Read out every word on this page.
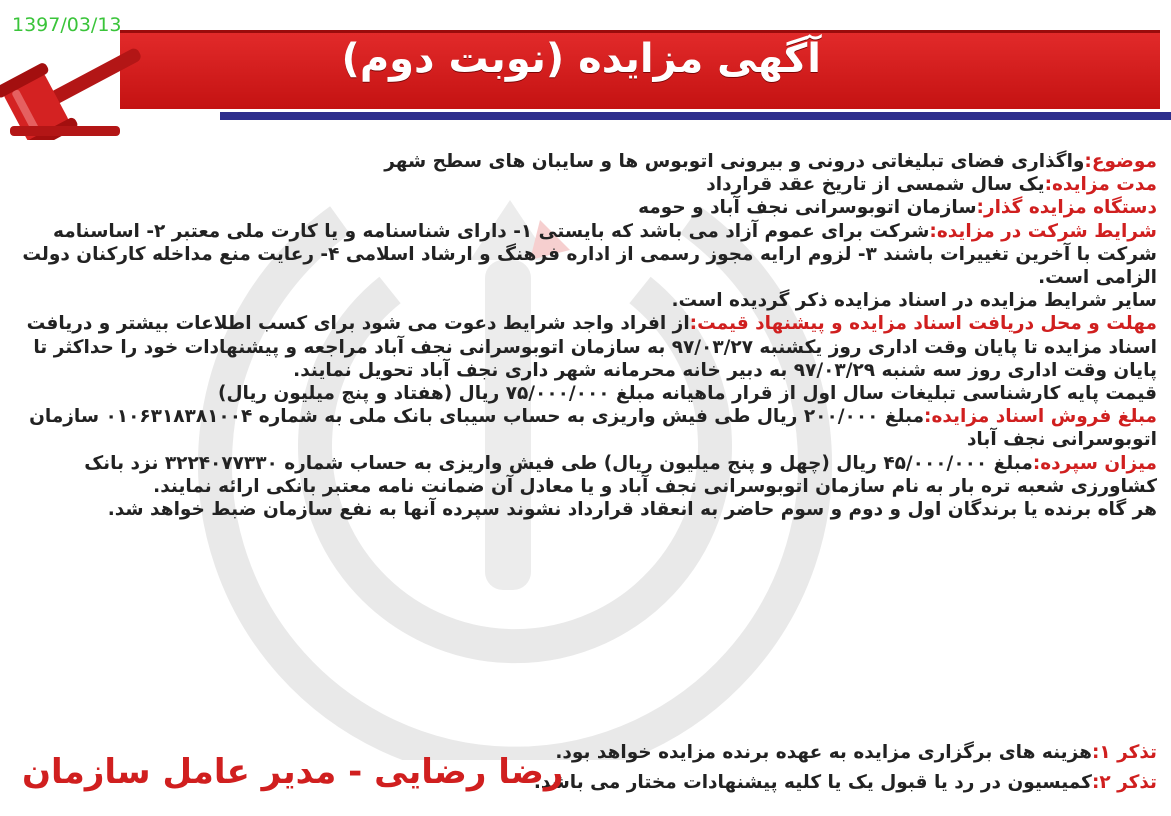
1397/03/13
آگهی مزایده (نوبت دوم)

موضوع:واگذاری فضای تبلیغاتی درونی و بیرونی اتوبوس ها و سایبان های سطح شهر

مدت مزایده:یک سال شمسی از تاریخ عقد قرارداد

دستگاه مزایده گذار:سازمان اتوبوسرانی نجف آباد و حومه

شرایط شرکت در مزایده:شرکت برای عموم آزاد می باشد که بایستی ۱- دارای شناسنامه و یا کارت ملی معتبر ۲- اساسنامه شرکت با آخرین تغییرات باشند ۳- لزوم ارایه مجوز رسمی از اداره فرهنگ و ارشاد اسلامی ۴- رعایت منع مداخله کارکنان دولت الزامی است.

سایر شرایط مزایده در اسناد مزایده ذکر گردیده است.

مهلت و محل دریافت اسناد مزایده و پیشنهاد قیمت:از افراد واجد شرایط دعوت می شود برای کسب اطلاعات بیشتر و دریافت اسناد مزایده تا پایان وقت اداری روز یکشنبه ۹۷/۰۳/۲۷ به سازمان اتوبوسرانی نجف آباد مراجعه و پیشنهادات خود را حداکثر تا پایان وقت اداری روز سه شنبه ۹۷/۰۳/۲۹ به دبیر خانه محرمانه شهر داری نجف آباد تحویل نمایند.

قیمت پایه کارشناسی تبلیغات سال اول از قرار ماهیانه مبلغ ۷۵/۰۰۰/۰۰۰ ریال (هفتاد و پنج میلیون ریال)

مبلغ فروش اسناد مزایده:مبلغ ۲۰۰/۰۰۰ ریال طی فیش واریزی به حساب سیبای بانک ملی به شماره ۰۱۰۶۳۱۸۳۸۱۰۰۴ سازمان اتوبوسرانی نجف آباد

میزان سپرده:مبلغ ۴۵/۰۰۰/۰۰۰ ریال (چهل و پنج میلیون ریال) طی فیش واریزی به حساب شماره ۳۲۲۴۰۷۷۳۳۰ نزد بانک کشاورزی شعبه تره بار به نام سازمان اتوبوسرانی نجف آباد و یا معادل آن ضمانت نامه معتبر بانکی ارائه نمایند.

هر گاه برنده یا برندگان اول و دوم و سوم حاضر به انعقاد قرارداد نشوند سپرده آنها به نفع سازمان ضبط خواهد شد.

تذکر ۱:هزینه های برگزاری مزایده به عهده برنده مزایده خواهد بود.

تذکر ۲:کمیسیون در رد یا قبول یک یا کلیه پیشنهادات مختار می باشد.

رضا رضایی - مدیر عامل سازمان
